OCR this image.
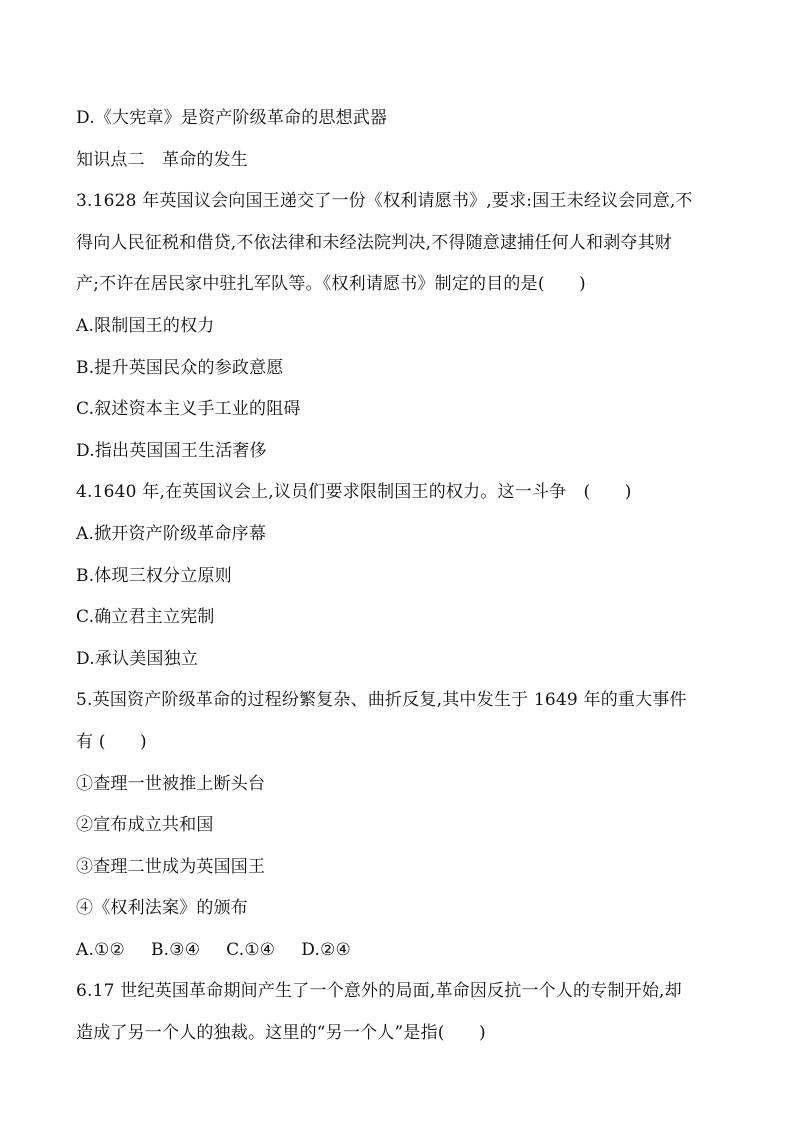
D.《大宪章》是资产阶级革命的思想武器
知识点二　革命的发生
3.1628 年英国议会向国王递交了一份《权利请愿书》,要求:国王未经议会同意,不
得向人民征税和借贷,不依法律和未经法院判决,不得随意逮捕任何人和剥夺其财
产;不许在居民家中驻扎军队等。《权利请愿书》制定的目的是(　　)
A.限制国王的权力
B.提升英国民众的参政意愿
C.叙述资本主义手工业的阻碍
D.指出英国国王生活奢侈
4.1640 年,在英国议会上,议员们要求限制国王的权力。这一斗争　(　　)
A.掀开资产阶级革命序幕
B.体现三权分立原则
C.确立君主立宪制
D.承认美国独立
5.英国资产阶级革命的过程纷繁复杂、曲折反复,其中发生于 1649 年的重大事件
有 (　　)
①查理一世被推上断头台
②宣布成立共和国
③查理二世成为英国国王
④《权利法案》的颁布
A.①② B.③④ C.①④ D.②④
6.17 世纪英国革命期间产生了一个意外的局面,革命因反抗一个人的专制开始,却
造成了另一个人的独裁。这里的“另一个人”是指(　　)
